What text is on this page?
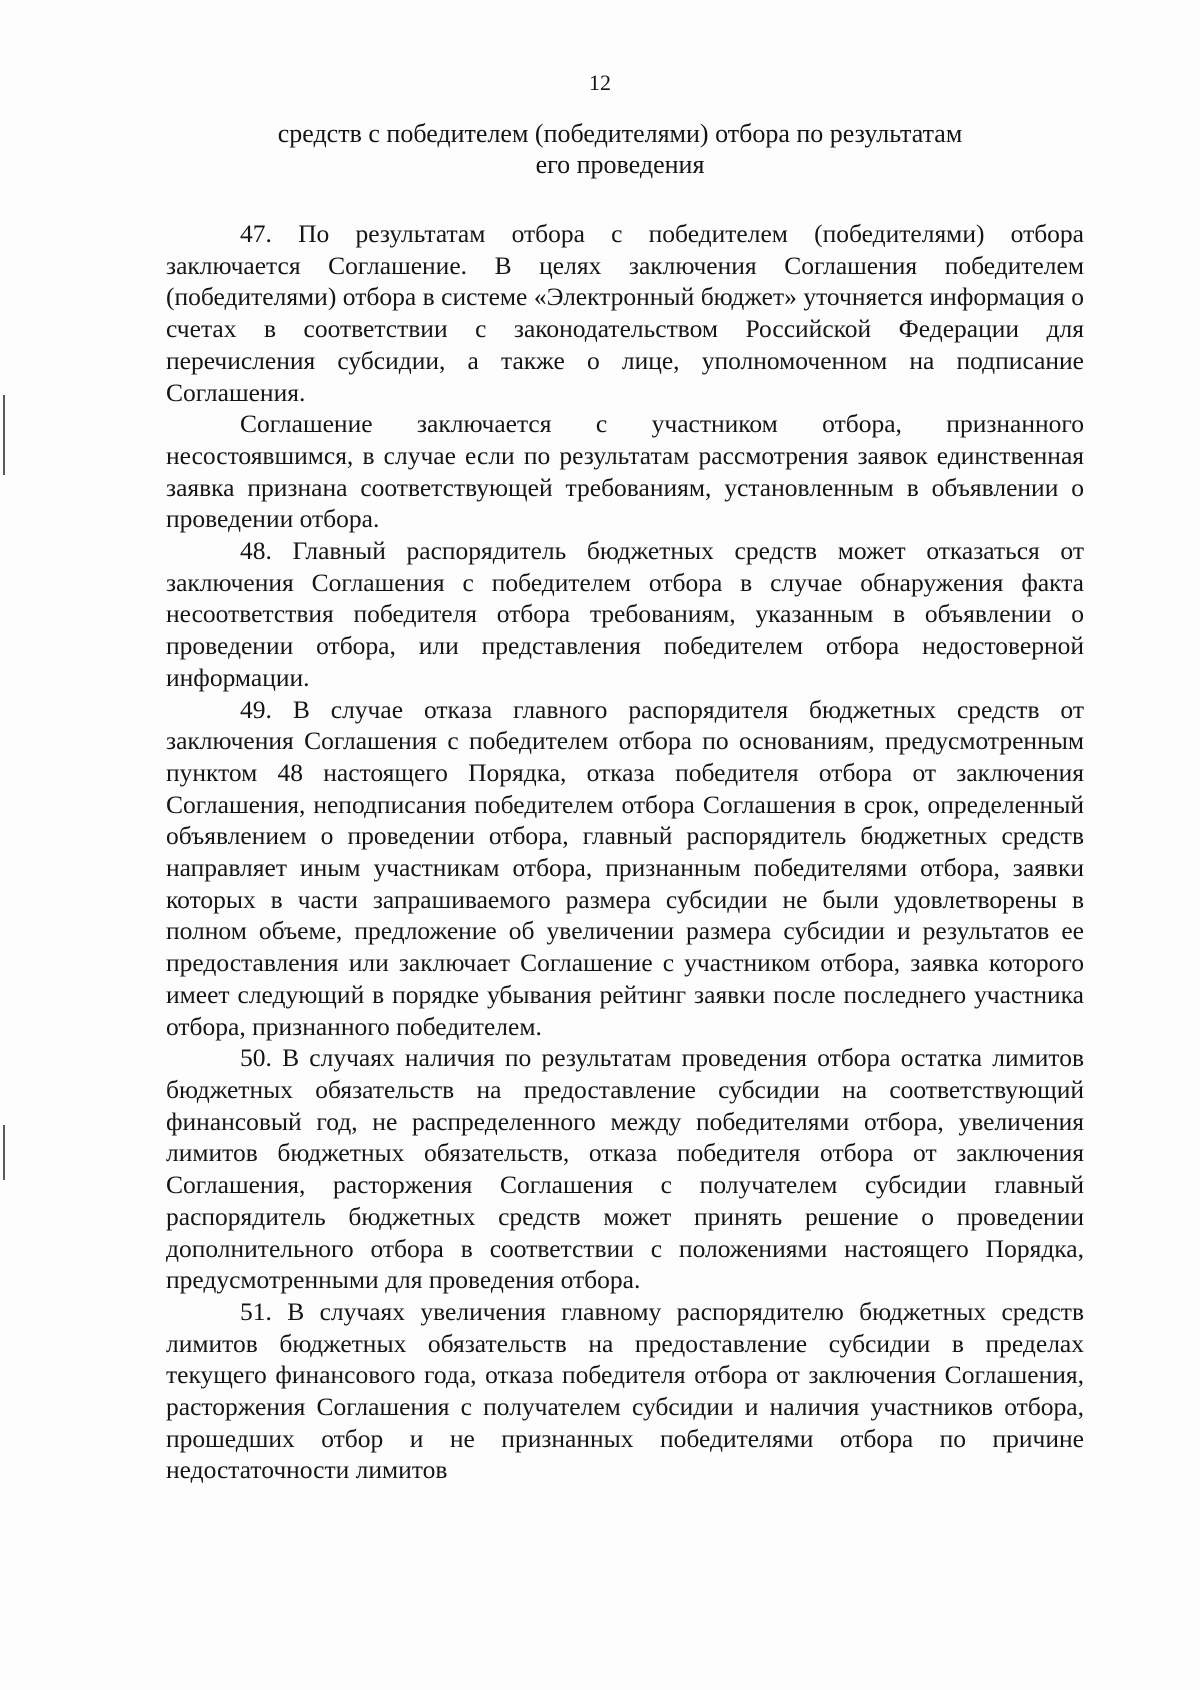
12
средств с победителем (победителями) отбора по результатам
его проведения

47. По результатам отбора с победителем (победителями) отбора заключается Соглашение. В целях заключения Соглашения победителем (победителями) отбора в системе «Электронный бюджет» уточняется информация о счетах в соответствии с законодательством Российской Федерации для перечисления субсидии, а также о лице, уполномоченном на подписание Соглашения.

Соглашение заключается с участником отбора, признанного несостоявшимся, в случае если по результатам рассмотрения заявок единственная заявка признана соответствующей требованиям, установленным в объявлении о проведении отбора.

48. Главный распорядитель бюджетных средств может отказаться от заключения Соглашения с победителем отбора в случае обнаружения факта несоответствия победителя отбора требованиям, указанным в объявлении о проведении отбора, или представления победителем отбора недостоверной информации.

49. В случае отказа главного распорядителя бюджетных средств от заключения Соглашения с победителем отбора по основаниям, предусмотренным пунктом 48 настоящего Порядка, отказа победителя отбора от заключения Соглашения, неподписания победителем отбора Соглашения в срок, определенный объявлением о проведении отбора, главный распорядитель бюджетных средств направляет иным участникам отбора, признанным победителями отбора, заявки которых в части запрашиваемого размера субсидии не были удовлетворены в полном объеме, предложение об увеличении размера субсидии и результатов ее предоставления или заключает Соглашение с участником отбора, заявка которого имеет следующий в порядке убывания рейтинг заявки после последнего участника отбора, признанного победителем.

50. В случаях наличия по результатам проведения отбора остатка лимитов бюджетных обязательств на предоставление субсидии на соответствующий финансовый год, не распределенного между победителями отбора, увеличения лимитов бюджетных обязательств, отказа победителя отбора от заключения Соглашения, расторжения Соглашения с получателем субсидии главный распорядитель бюджетных средств может принять решение о проведении дополнительного отбора в соответствии с положениями настоящего Порядка, предусмотренными для проведения отбора.

51. В случаях увеличения главному распорядителю бюджетных средств лимитов бюджетных обязательств на предоставление субсидии в пределах текущего финансового года, отказа победителя отбора от заключения Соглашения, расторжения Соглашения с получателем субсидии и наличия участников отбора, прошедших отбор и не признанных победителями отбора по причине недостаточности лимитов
